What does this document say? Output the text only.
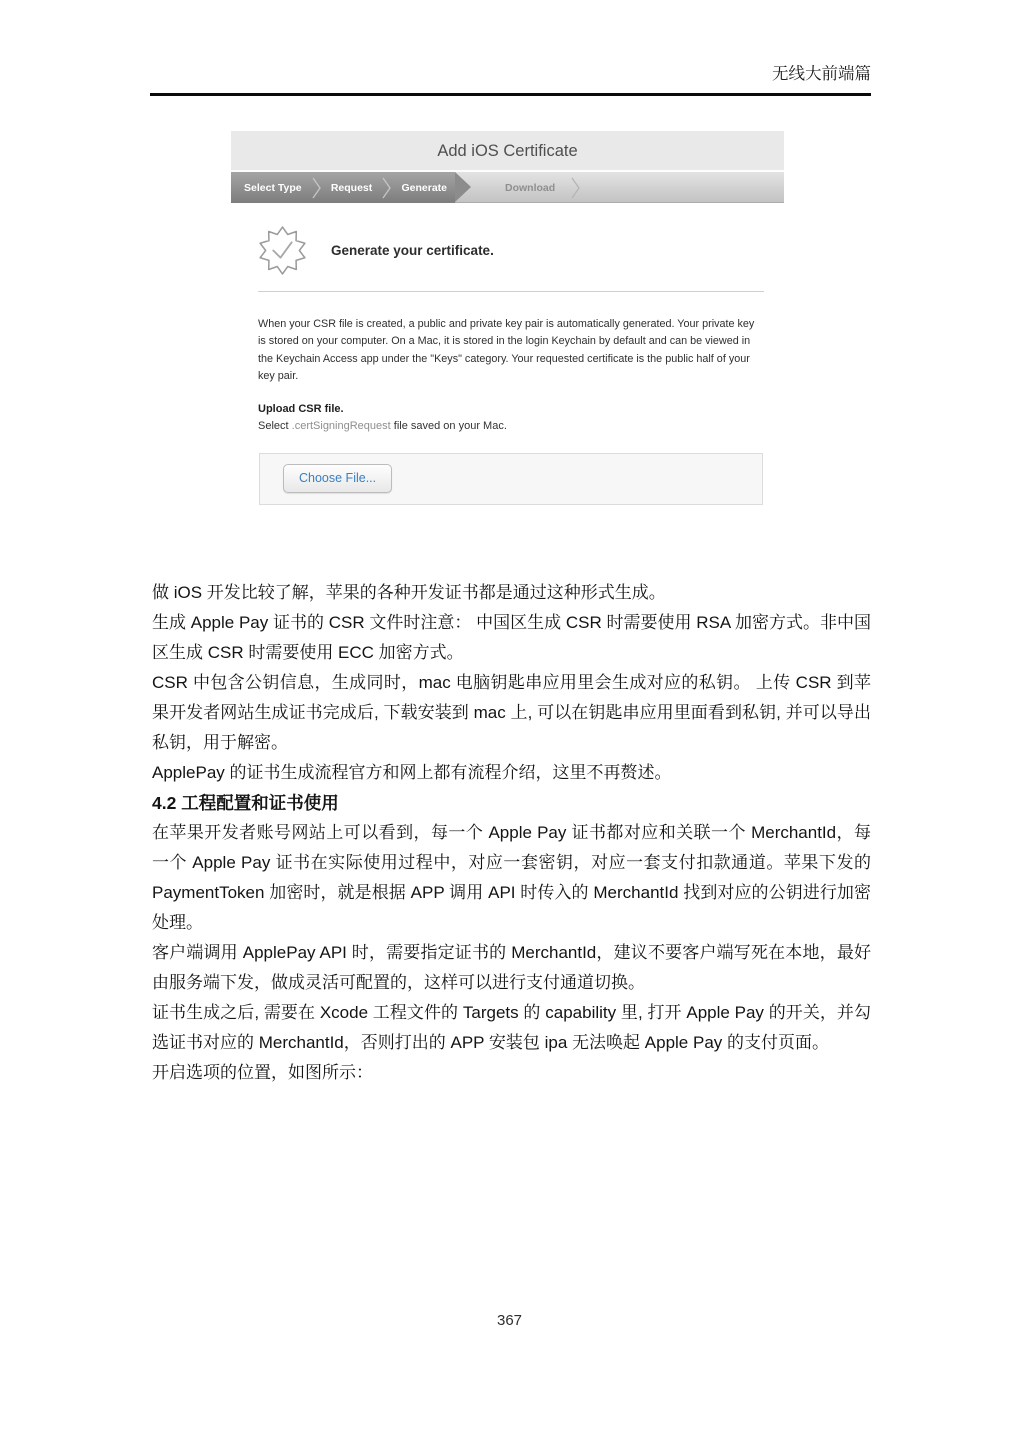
无线大前端篇
Add iOS Certificate
Select Type	Request	Generate	Download
Generate your certificate.

When your CSR file is created, a public and private key pair is automatically generated. Your private key is stored on your computer. On a Mac, it is stored in the login Keychain by default and can be viewed in the Keychain Access app under the "Keys" category. Your requested certificate is the public half of your key pair.

Upload CSR file.

Select .certSigningRequest file saved on your Mac.

Choose File...

做 iOS 开发比较了解，苹果的各种开发证书都是通过这种形式生成。

生成 Apple Pay 证书的 CSR 文件时注意： 中国区生成 CSR 时需要使用 RSA 加密方式。非中国区生成 CSR 时需要使用 ECC 加密方式。

CSR 中包含公钥信息，生成同时，mac 电脑钥匙串应用里会生成对应的私钥。 上传 CSR 到苹果开发者网站生成证书完成后, 下载安装到 mac 上, 可以在钥匙串应用里面看到私钥, 并可以导出私钥，用于解密。

ApplePay 的证书生成流程官方和网上都有流程介绍，这里不再赘述。

4.2 工程配置和证书使用

在苹果开发者账号网站上可以看到，每一个 Apple Pay 证书都对应和关联一个 MerchantId，每一个 Apple Pay 证书在实际使用过程中，对应一套密钥，对应一套支付扣款通道。苹果下发的 PaymentToken 加密时，就是根据 APP 调用 API 时传入的 MerchantId 找到对应的公钥进行加密处理。

客户端调用 ApplePay API 时，需要指定证书的 MerchantId，建议不要客户端写死在本地，最好由服务端下发，做成灵活可配置的，这样可以进行支付通道切换。

证书生成之后, 需要在 Xcode 工程文件的 Targets 的 capability 里, 打开 Apple Pay 的开关，并勾选证书对应的 MerchantId，否则打出的 APP 安装包 ipa 无法唤起 Apple Pay 的支付页面。

开启选项的位置，如图所示：

367
